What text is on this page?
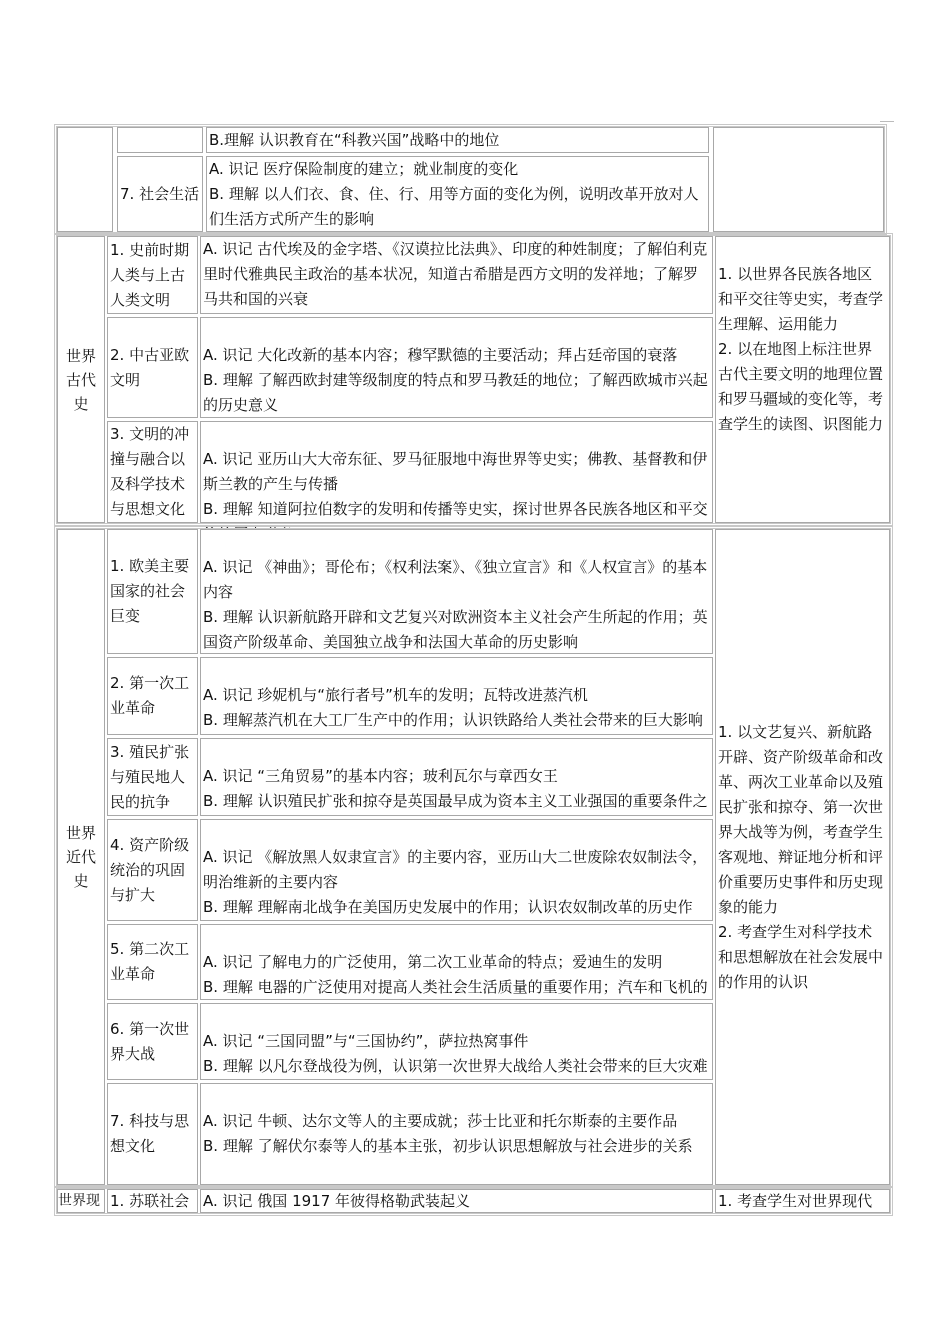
B.理解 认识教育在“科教兴国”战略中的地位
7. 社会生活
A. 识记 医疗保险制度的建立；就业制度的变化
B. 理解 以人们衣、食、住、行、用等方面的变化为例，说明改革开放对人们生活方式所产生的影响
世界古代史
1. 史前时期人类与上古人类文明
A. 识记 古代埃及的金字塔、《汉谟拉比法典》、印度的种姓制度；了解伯利克里时代雅典民主政治的基本状况，知道古希腊是西方文明的发祥地；了解罗马共和国的兴衰
2. 中古亚欧文明

A. 识记 大化改新的基本内容；穆罕默德的主要活动；拜占廷帝国的衰落
B. 理解 了解西欧封建等级制度的特点和罗马教廷的地位；了解西欧城市兴起的历史意义

3. 文明的冲撞与融合以及科学技术与思想文化

A. 识记 亚历山大大帝东征、罗马征服地中海世界等史实；佛教、基督教和伊斯兰教的产生与传播
B. 理解 知道阿拉伯数字的发明和传播等史实，探讨世界各民族各地区和平交

1. 以世界各民族各地区和平交往等史实，考查学生理解、运用能力
2. 以在地图上标注世界古代主要文明的地理位置和罗马疆域的变化等，考查学生的读图、识图能力

世界近代史
1. 欧美主要国家的社会巨变

A. 识记 《神曲》；哥伦布；《权利法案》、《独立宣言》和《人权宣言》的基本内容
B. 理解 认识新航路开辟和文艺复兴对欧洲资本主义社会产生所起的作用；英国资产阶级革命、美国独立战争和法国大革命的历史影响

2. 第一次工业革命

A. 识记 珍妮机与“旅行者号”机车的发明；瓦特改进蒸汽机
B. 理解蒸汽机在大工厂生产中的作用；认识铁路给人类社会带来的巨大影响

3. 殖民扩张与殖民地人民的抗争

A. 识记 “三角贸易”的基本内容；玻利瓦尔与章西女王
B. 理解 认识殖民扩张和掠夺是英国最早成为资本主义工业强国的重要条件之

4. 资产阶级统治的巩固与扩大

A. 识记 《解放黑人奴隶宣言》的主要内容，亚历山大二世废除农奴制法令，明治维新的主要内容
B. 理解 理解南北战争在美国历史发展中的作用；认识农奴制改革的历史作

5. 第二次工业革命

A. 识记 了解电力的广泛使用，第二次工业革命的特点；爱迪生的发明
B. 理解 电器的广泛使用对提高人类社会生活质量的重要作用；汽车和飞机的

6. 第一次世界大战

A. 识记 “三国同盟”与“三国协约”，萨拉热窝事件
B. 理解 以凡尔登战役为例，认识第一次世界大战给人类社会带来的巨大灾难

7. 科技与思想文化

A. 识记 牛顿、达尔文等人的主要成就；莎士比亚和托尔斯泰的主要作品
B. 理解 了解伏尔泰等人的基本主张，初步认识思想解放与社会进步的关系

1. 以文艺复兴、新航路开辟、资产阶级革命和改革、两次工业革命以及殖民扩张和掠夺、第一次世界大战等为例，考查学生客观地、辩证地分析和评价重要历史事件和历史现象的能力
2. 考查学生对科学技术和思想解放在社会发展中的作用的认识
世界现 1. 苏联社会 A. 识记 俄国 1917 年彼得格勒武装起义	1. 考查学生对世界现代
